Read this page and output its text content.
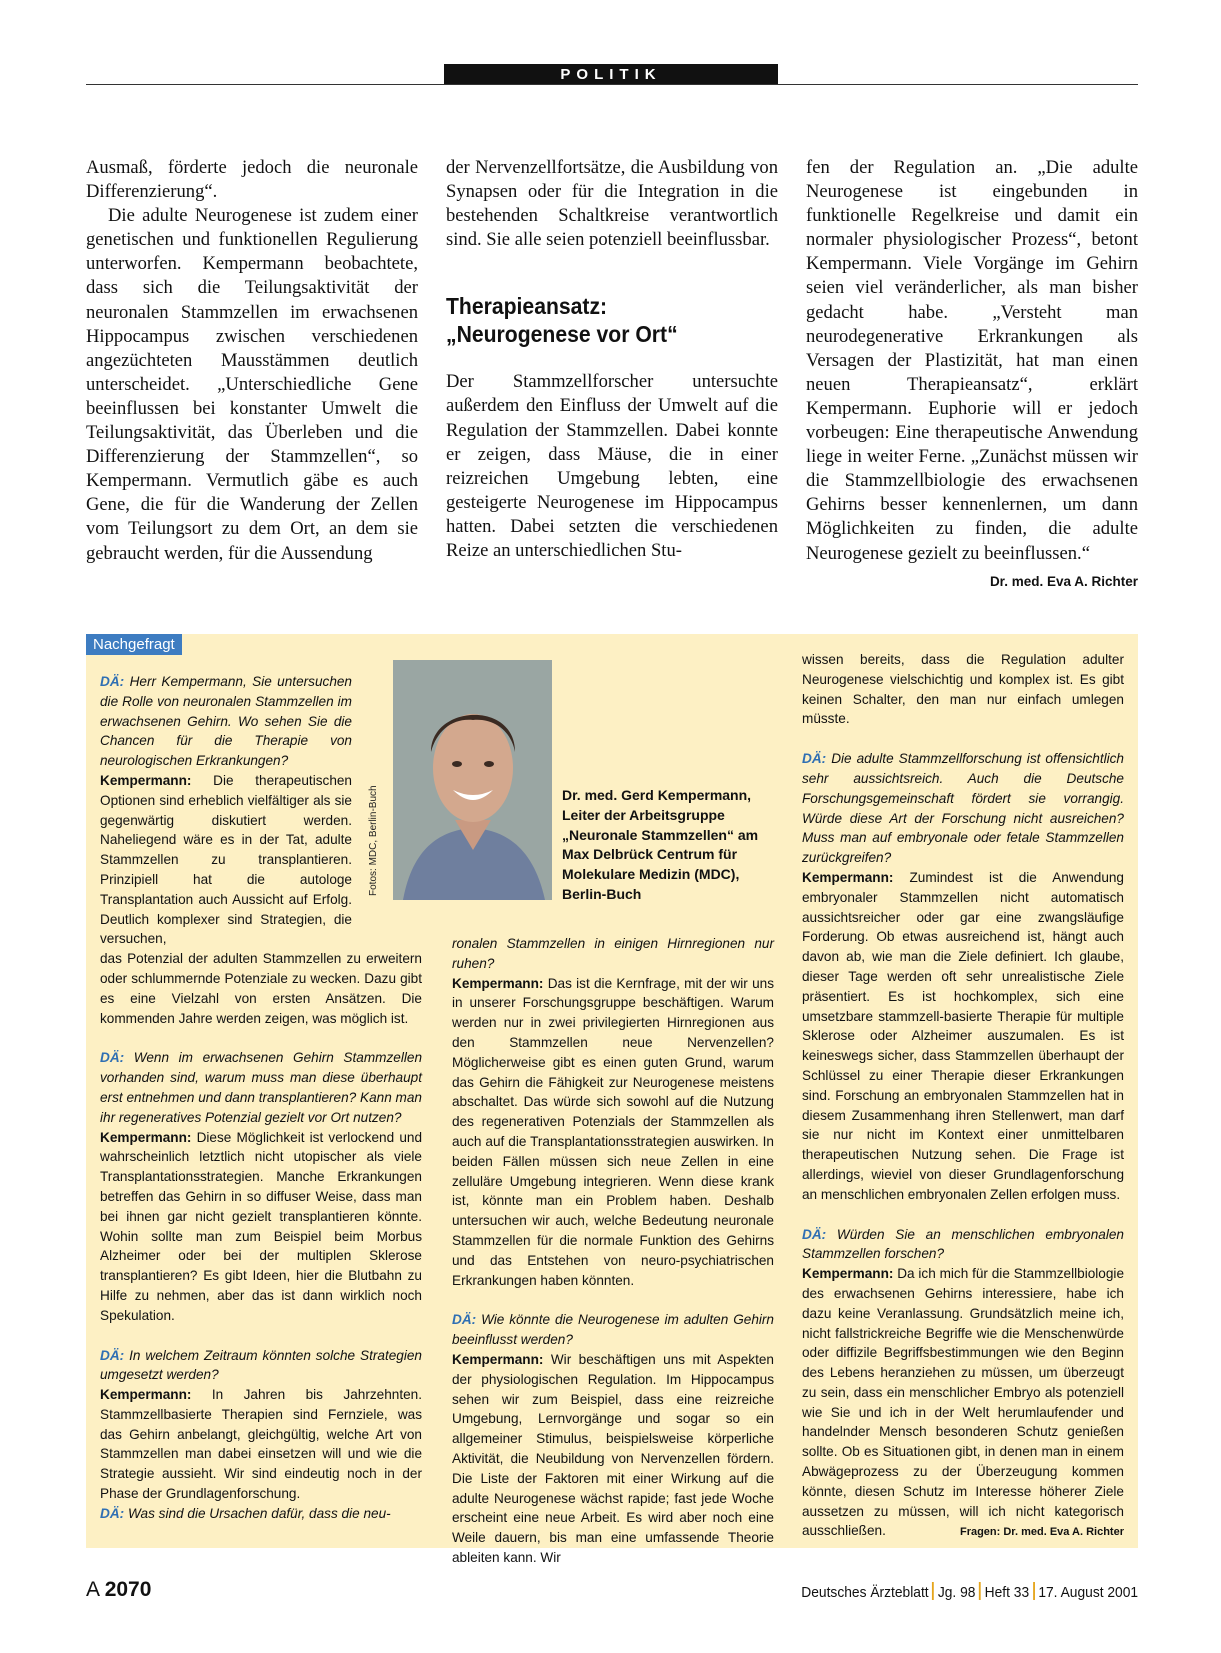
POLITIK

Ausmaß, förderte jedoch die neuronale Differenzierung“.

Die adulte Neurogenese ist zudem einer genetischen und funktionellen Regulierung unterworfen. Kempermann beobachtete, dass sich die Teilungsaktivität der neuronalen Stammzellen im erwachsenen Hippocampus zwischen verschiedenen angezüchteten Mausstämmen deutlich unterscheidet. „Unterschiedliche Gene beeinflussen bei konstanter Umwelt die Teilungsaktivität, das Überleben und die Differenzierung der Stammzellen“, so Kempermann. Vermutlich gäbe es auch Gene, die für die Wanderung der Zellen vom Teilungsort zu dem Ort, an dem sie gebraucht werden, für die Aussendung

der Nervenzellfortsätze, die Ausbildung von Synapsen oder für die Integration in die bestehenden Schaltkreise verantwortlich sind. Sie alle seien potenziell beeinflussbar.

Therapieansatz:
„Neurogenese vor Ort“

Der Stammzellforscher untersuchte außerdem den Einfluss der Umwelt auf die Regulation der Stammzellen. Dabei konnte er zeigen, dass Mäuse, die in einer reizreichen Umgebung lebten, eine gesteigerte Neurogenese im Hippocampus hatten. Dabei setzten die verschiedenen Reize an unterschiedlichen Stu-

fen der Regulation an. „Die adulte Neurogenese ist eingebunden in funktionelle Regelkreise und damit ein normaler physiologischer Prozess“, betont Kempermann. Viele Vorgänge im Gehirn seien viel veränderlicher, als man bisher gedacht habe. „Versteht man neurodegenerative Erkrankungen als Versagen der Plastizität, hat man einen neuen Therapieansatz“, erklärt Kempermann. Euphorie will er jedoch vorbeugen: Eine therapeutische Anwendung liege in weiter Ferne. „Zunächst müssen wir die Stammzellbiologie des erwachsenen Gehirns besser kennenlernen, um dann Möglichkeiten zu finden, die adulte Neurogenese gezielt zu beeinflussen.“
Dr. med. Eva A. Richter

Nachgefragt
Fotos: MDC, Berlin-Buch	Dr. med. Gerd Kempermann, Leiter der Arbeitsgruppe „Neuronale Stammzellen“ am Max Delbrück Centrum für Molekulare Medizin (MDC), Berlin-Buch

DÄ: Herr Kempermann, Sie untersuchen die Rolle von neuronalen Stammzellen im erwachsenen Gehirn. Wo sehen Sie die Chancen für die Therapie von neurologischen Erkrankungen?

Kempermann: Die therapeutischen Optionen sind erheblich vielfältiger als sie gegenwärtig diskutiert werden. Naheliegend wäre es in der Tat, adulte Stammzellen zu transplantieren. Prinzipiell hat die autologe Transplantation auch Aussicht auf Erfolg. Deutlich komplexer sind Strategien, die versuchen,

das Potenzial der adulten Stammzellen zu erweitern oder schlummernde Potenziale zu wecken. Dazu gibt es eine Vielzahl von ersten Ansätzen. Die kommenden Jahre werden zeigen, was möglich ist.

DÄ: Wenn im erwachsenen Gehirn Stammzellen vorhanden sind, warum muss man diese überhaupt erst entnehmen und dann transplantieren? Kann man ihr regeneratives Potenzial gezielt vor Ort nutzen?

Kempermann: Diese Möglichkeit ist verlockend und wahrscheinlich letztlich nicht utopischer als viele Transplantationsstrategien. Manche Erkrankungen betreffen das Gehirn in so diffuser Weise, dass man bei ihnen gar nicht gezielt transplantieren könnte. Wohin sollte man zum Beispiel beim Morbus Alzheimer oder bei der multiplen Sklerose transplantieren? Es gibt Ideen, hier die Blutbahn zu Hilfe zu nehmen, aber das ist dann wirklich noch Spekulation.

DÄ: In welchem Zeitraum könnten solche Strategien umgesetzt werden?

Kempermann: In Jahren bis Jahrzehnten. Stammzellbasierte Therapien sind Fernziele, was das Gehirn anbelangt, gleichgültig, welche Art von Stammzellen man dabei einsetzen will und wie die Strategie aussieht. Wir sind eindeutig noch in der Phase der Grundlagenforschung.

DÄ: Was sind die Ursachen dafür, dass die neu-

ronalen Stammzellen in einigen Hirnregionen nur ruhen?

Kempermann: Das ist die Kernfrage, mit der wir uns in unserer Forschungsgruppe beschäftigen. Warum werden nur in zwei privilegierten Hirnregionen aus den Stammzellen neue Nervenzellen? Möglicherweise gibt es einen guten Grund, warum das Gehirn die Fähigkeit zur Neurogenese meistens abschaltet. Das würde sich sowohl auf die Nutzung des regenerativen Potenzials der Stammzellen als auch auf die Transplantationsstrategien auswirken. In beiden Fällen müssen sich neue Zellen in eine zelluläre Umgebung integrieren. Wenn diese krank ist, könnte man ein Problem haben. Deshalb untersuchen wir auch, welche Bedeutung neuronale Stammzellen für die normale Funktion des Gehirns und das Entstehen von neuro-psychiatrischen Erkrankungen haben könnten.

DÄ: Wie könnte die Neurogenese im adulten Gehirn beeinflusst werden?

Kempermann: Wir beschäftigen uns mit Aspekten der physiologischen Regulation. Im Hippocampus sehen wir zum Beispiel, dass eine reizreiche Umgebung, Lernvorgänge und sogar so ein allgemeiner Stimulus, beispielsweise körperliche Aktivität, die Neubildung von Nervenzellen fördern. Die Liste der Faktoren mit einer Wirkung auf die adulte Neurogenese wächst rapide; fast jede Woche erscheint eine neue Arbeit. Es wird aber noch eine Weile dauern, bis man eine umfassende Theorie ableiten kann. Wir

wissen bereits, dass die Regulation adulter Neurogenese vielschichtig und komplex ist. Es gibt keinen Schalter, den man nur einfach umlegen müsste.

DÄ: Die adulte Stammzellforschung ist offensichtlich sehr aussichtsreich. Auch die Deutsche Forschungsgemeinschaft fördert sie vorrangig. Würde diese Art der Forschung nicht ausreichen? Muss man auf embryonale oder fetale Stammzellen zurückgreifen?

Kempermann: Zumindest ist die Anwendung embryonaler Stammzellen nicht automatisch aussichtsreicher oder gar eine zwangsläufige Forderung. Ob etwas ausreichend ist, hängt auch davon ab, wie man die Ziele definiert. Ich glaube, dieser Tage werden oft sehr unrealistische Ziele präsentiert. Es ist hochkomplex, sich eine umsetzbare stammzell-basierte Therapie für multiple Sklerose oder Alzheimer auszumalen. Es ist keineswegs sicher, dass Stammzellen überhaupt der Schlüssel zu einer Therapie dieser Erkrankungen sind. Forschung an embryonalen Stammzellen hat in diesem Zusammenhang ihren Stellenwert, man darf sie nur nicht im Kontext einer unmittelbaren therapeutischen Nutzung sehen. Die Frage ist allerdings, wieviel von dieser Grundlagenforschung an menschlichen embryonalen Zellen erfolgen muss.

DÄ: Würden Sie an menschlichen embryonalen Stammzellen forschen?

Kempermann: Da ich mich für die Stammzellbiologie des erwachsenen Gehirns interessiere, habe ich dazu keine Veranlassung. Grundsätzlich meine ich, nicht fallstrickreiche Begriffe wie die Menschenwürde oder diffizile Begriffsbestimmungen wie den Beginn des Lebens heranziehen zu müssen, um überzeugt zu sein, dass ein menschlicher Embryo als potenziell wie Sie und ich in der Welt herumlaufender und handelnder Mensch besonderen Schutz genießen sollte. Ob es Situationen gibt, in denen man in einem Abwägeprozess zu der Überzeugung kommen könnte, diesen Schutz im Interesse höherer Ziele aussetzen zu müssen, will ich nicht kategorisch ausschließen.	Fragen: Dr. med. Eva A. Richter

A 2070	Deutsches Ärzteblatt Jg. 98 Heft 33 17. August 2001
